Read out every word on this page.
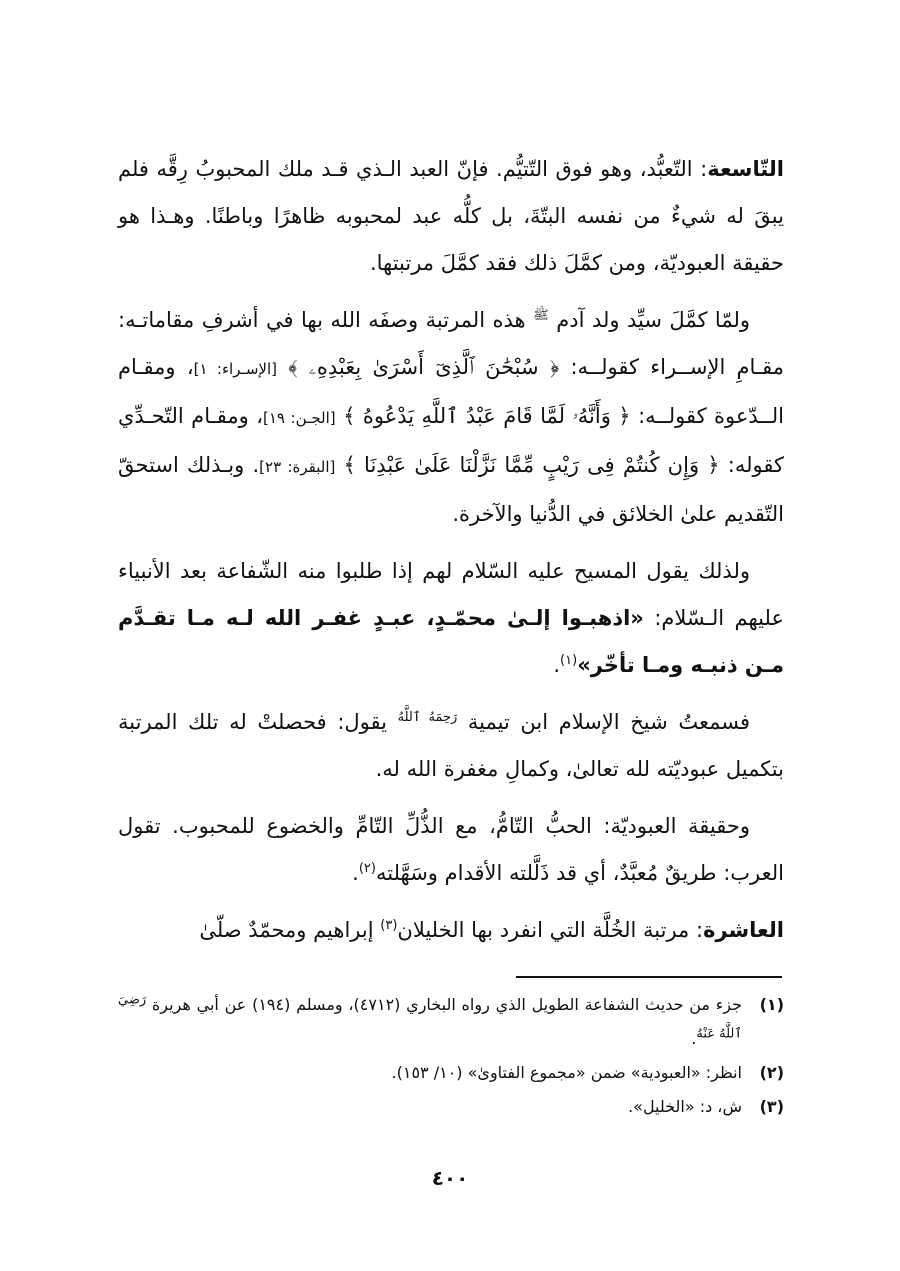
التّاسعة: التّعبُّد، وهو فوق التّتيُّم. فإنّ العبد الـذي قـد ملك المحبوبُ رِقَّه فلم يبقَ له شيءٌ من نفسه البتّةَ، بل كلُّه عبد لمحبوبه ظاهرًا وباطنًا. وهـذا هو حقيقة العبوديّة، ومن كمَّلَ ذلك فقد كمَّلَ مرتبتها.

ولمّا كمَّلَ سيِّد ولد آدم $^ﷺ$ هذه المرتبة وصفَه الله بها في أشرفِ مقاماتـه: مقـامِ الإســراء كقولــه: ﴿ سُبْحَٰنَ ٱلَّذِىٓ أَسْرَىٰ بِعَبْدِهِۦ ﴾ [الإسـراء: ١]، ومقـام الــدّعوة كقولــه: ﴿ وَأَنَّهُۥ لَمَّا قَامَ عَبْدُ ٱللَّهِ يَدْعُوهُ ﴾ [الجـن: ١٩]، ومقـام التّحـدِّي كقوله: ﴿ وَإِن كُنتُمْ فِى رَيْبٍ مِّمَّا نَزَّلْنَا عَلَىٰ عَبْدِنَا ﴾ [البقرة: ٢٣]. وبـذلك استحقّ التّقديم علىٰ الخلائق في الدُّنيا والآخرة.

ولذلك يقول المسيح عليه السّلام لهم إذا طلبوا منه الشّفاعة بعد الأنبياء عليهم الـسّلام: «اذهبـوا إلـىٰ محمّـدٍ، عبـدٍ غفـر الله لـه مـا تقـدَّم مـن ذنبـه ومـا تأخّر»$^{(١)}$.

فسمعتُ شيخ الإسلام ابن تيمية $^{رَحِمَهُ ٱللَّهُ}$ يقول: فحصلتْ له تلك المرتبة بتكميل عبوديّته لله تعالىٰ، وكمالِ مغفرة الله له.

وحقيقة العبوديّة: الحبُّ التّامُّ، مع الذُّلِّ التّامِّ والخضوع للمحبوب. تقول العرب: طريقٌ مُعبَّدٌ، أي قد ذَلَّلته الأقدام وسَهَّلته$^{(٢)}$.

العاشرة: مرتبة الخُلَّة التي انفرد بها الخليلان$^{(٣)}$ إبراهيم ومحمّدٌ صلّىٰ

(١)
جزء من حديث الشفاعة الطويل الذي رواه البخاري (٤٧١٢)، ومسلم (١٩٤) عن أبي هريرة $^{رَضِيَ ٱللَّهُ عَنْهُ}$.
(٢)
انظر: «العبودية» ضمن «مجموع الفتاوىٰ» (١٠/ ١٥٣).
(٣)
ش، د: «الخليل».
٤٠٠
